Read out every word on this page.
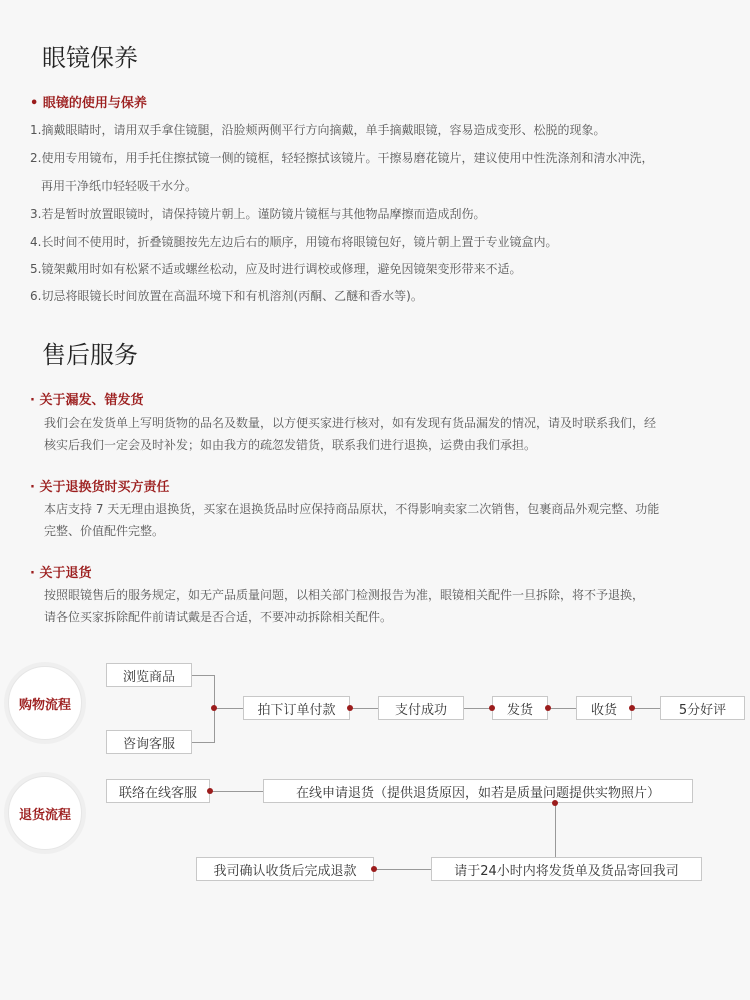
眼镜保养
• 眼镜的使用与保养
1.摘戴眼睛时，请用双手拿住镜腿，沿脸颊两侧平行方向摘戴，单手摘戴眼镜，容易造成变形、松脱的现象。
2.使用专用镜布，用手托住擦拭镜一侧的镜框，轻轻擦拭该镜片。干擦易磨花镜片，建议使用中性洗涤剂和清水冲洗，
再用干净纸巾轻轻吸干水分。
3.若是暂时放置眼镜时，请保持镜片朝上。谨防镜片镜框与其他物品摩擦而造成刮伤。
4.长时间不使用时，折叠镜腿按先左边后右的顺序，用镜布将眼镜包好，镜片朝上置于专业镜盒内。
5.镜架戴用时如有松紧不适或螺丝松动，应及时进行调校或修理，避免因镜架变形带来不适。
6.切忌将眼镜长时间放置在高温环境下和有机溶剂(丙酮、乙醚和香水等)。
售后服务
· 关于漏发、错发货
我们会在发货单上写明货物的品名及数量，以方便买家进行核对，如有发现有货品漏发的情况，请及时联系我们，经
核实后我们一定会及时补发；如由我方的疏忽发错货，联系我们进行退换，运费由我们承担。
· 关于退换货时买方责任
本店支持 7 天无理由退换货，买家在退换货品时应保持商品原状，不得影响卖家二次销售，包裹商品外观完整、功能
完整、价值配件完整。
· 关于退货
按照眼镜售后的服务规定，如无产品质量问题，以相关部门检测报告为准，眼镜相关配件一旦拆除，将不予退换，
请各位买家拆除配件前请试戴是否合适，不要冲动拆除相关配件。
购物流程
浏览商品
咨询客服
拍下订单付款	支付成功	发货	收货	5分好评
退货流程
联络在线客服	在线申请退货（提供退货原因，如若是质量问题提供实物照片）
请于24小时内将发货单及货品寄回我司
我司确认收货后完成退款
